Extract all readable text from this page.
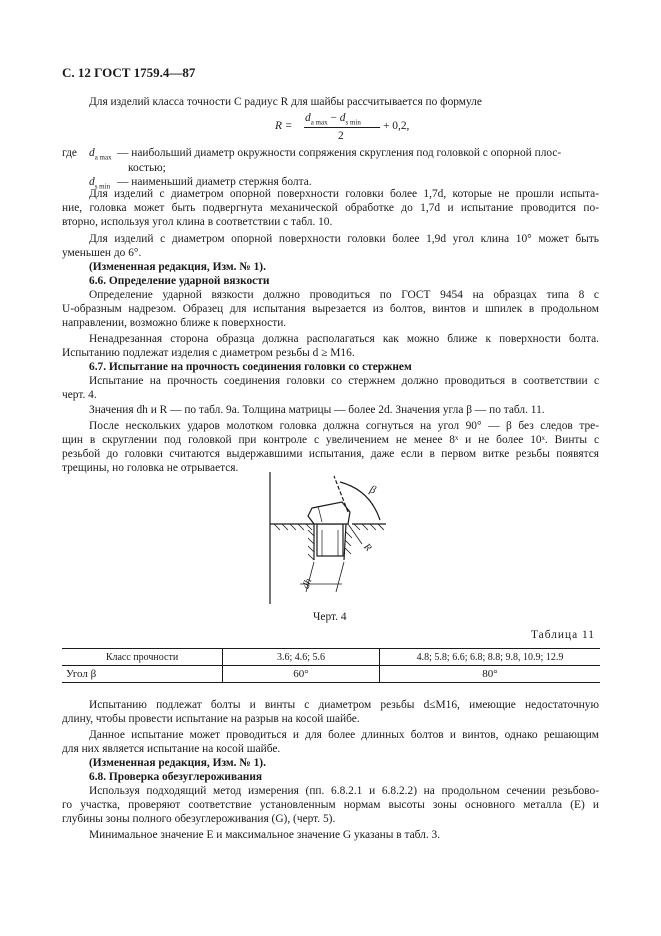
С. 12 ГОСТ 1759.4—87
Для изделий класса точности С радиус R для шайбы рассчитывается по формуле
R =
$d_{a max} - d_{s min}$
2
+ 0,2,
где $d_{a max}$ — наибольший диаметр окружности сопряжения скругления под головкой с опорной плос-
костью;
$d_{s min}$ — наименьший диаметр стержня болта.
Для изделий с диаметром опорной поверхности головки более 1,7d, которые не прошли испыта-
ние, головка может быть подвергнута механической обработке до 1,7d и испытание проводится по-
вторно, используя угол клина в соответствии с табл. 10.
Для изделий с диаметром опорной поверхности головки более 1,9d угол клина 10° может быть
уменьшен до 6°.
(Измененная редакция, Изм. № 1).
6.6. Определение ударной вязкости
Определение ударной вязкости должно проводиться по ГОСТ 9454 на образцах типа 8 с
U-образным надрезом. Образец для испытания вырезается из болтов, винтов и шпилек в продольном
направлении, возможно ближе к поверхности.
Ненадрезанная сторона образца должна располагаться как можно ближе к поверхности болта.
Испытанию подлежат изделия с диаметром резьбы d ≥ М16.
6.7. Испытание на прочность соединения головки со стержнем
Испытание на прочность соединения головки со стержнем должно проводиться в соответствии с
черт. 4.
Значения dh и R — по табл. 9а. Толщина матрицы — более 2d. Значения угла β — по табл. 11.
После нескольких ударов молотком головка должна согнуться на угол 90° — β без следов тре-
щин в скруглении под головкой при контроле с увеличением не менее 8ˣ и не более 10ˣ. Винты с
резьбой до головки считаются выдержавшими испытания, даже если в первом витке резьбы появятся
трещины, но головка не отрывается.
β
R
dh
Черт. 4
Таблица 11
Класс прочности	3.6; 4.6; 5.6	4.8; 5.8; 6.6; 6.8; 8.8; 9.8, 10.9; 12.9
Угол β	60°	80°
Испытанию подлежат болты и винты с диаметром резьбы d≤М16, имеющие недостаточную
длину, чтобы провести испытание на разрыв на косой шайбе.
Данное испытание может проводиться и для более длинных болтов и винтов, однако решающим
для них является испытание на косой шайбе.
(Измененная редакция, Изм. № 1).
6.8. Проверка обезуглероживания
Используя подходящий метод измерения (пп. 6.8.2.1 и 6.8.2.2) на продольном сечении резьбово-
го участка, проверяют соответствие установленным нормам высоты зоны основного металла (E) и
глубины зоны полного обезуглероживания (G), (черт. 5).
Минимальное значение E и максимальное значение G указаны в табл. 3.
